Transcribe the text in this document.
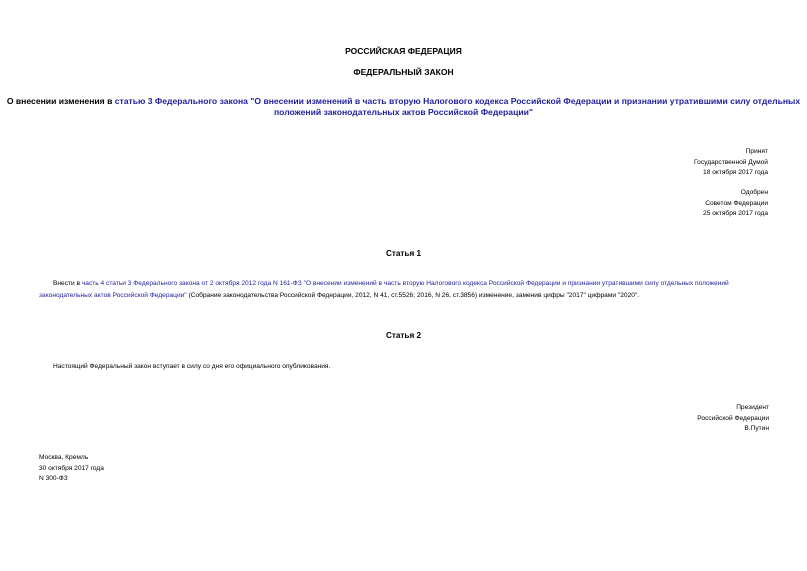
РОССИЙСКАЯ ФЕДЕРАЦИЯ
ФЕДЕРАЛЬНЫЙ ЗАКОН
О внесении изменения в статью 3 Федерального закона "О внесении изменений в часть вторую Налогового кодекса Российской Федерации и признании утратившими силу отдельных положений законодательных актов Российской Федерации"
Принят
Государственной Думой
18 октября 2017 года
Одобрен
Советом Федерации
25 октября 2017 года
Статья 1
Внести в часть 4 статьи 3 Федерального закона от 2 октября 2012 года N 161-ФЗ "О внесении изменений в часть вторую Налогового кодекса Российской Федерации и признании утратившими силу отдельных положений законодательных актов Российской Федерации" (Собрание законодательства Российской Федерации, 2012, N 41, ст.5526; 2016, N 26, ст.3856) изменение, заменив цифры "2017" цифрами "2020".
Статья 2
Настоящий Федеральный закон вступает в силу со дня его официального опубликования.
Президент
Российской Федерации
В.Путин
Москва, Кремль
30 октября 2017 года
N 300-ФЗ
